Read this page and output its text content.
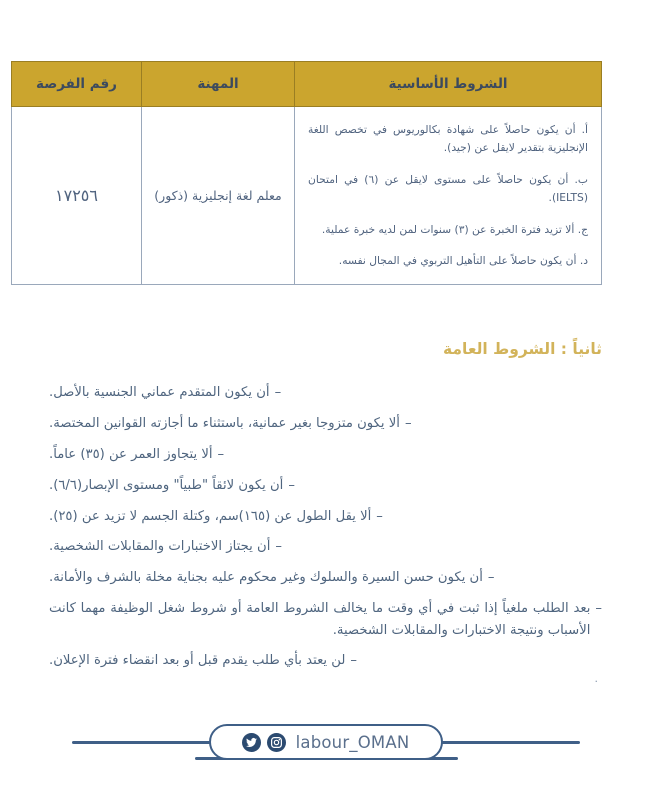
الشروط الأساسية	المهنة	رقم الفرصة

أ. أن يكون حاصلاً على شهادة بكالوريوس في تخصص اللغة الإنجليزية بتقدير لايقل عن (جيد).
ب. أن يكون حاصلاً على مستوى لايقل عن (٦) في امتحان (IELTS).
ج. ألا تزيد فترة الخبرة عن (٣) سنوات لمن لديه خبرة عملية.
د. أن يكون حاصلاً على التأهيل التربوي في المجال نفسه.	معلم لغة إنجليزية (ذكور)	١٧٢٥٦
ثانياً : الشروط العامة
–
أن يكون المتقدم عماني الجنسية بالأصل.
–
ألا يكون متزوجا بغير عمانية، باستثناء ما أجازته القوانين المختصة.
–
ألا يتجاوز العمر عن (٣٥) عاماً.
–
أن يكون لائقاً "طبياً" ومستوى الإبصار(٦/٦).
–
ألا يقل الطول عن (١٦٥)سم، وكتلة الجسم لا تزيد عن (٢٥).
–
أن يجتاز الاختبارات والمقابلات الشخصية.
–
أن يكون حسن السيرة والسلوك وغير محكوم عليه بجناية مخلة بالشرف والأمانة.
–
بعد الطلب ملغياً إذا ثبت في أي وقت ما يخالف الشروط العامة أو شروط شغل الوظيفة مهما كانت الأسباب ونتيجة الاختبارات والمقابلات الشخصية.
–
لن يعتد بأي طلب يقدم قبل أو بعد انقضاء فترة الإعلان.
.
labour_OMAN
